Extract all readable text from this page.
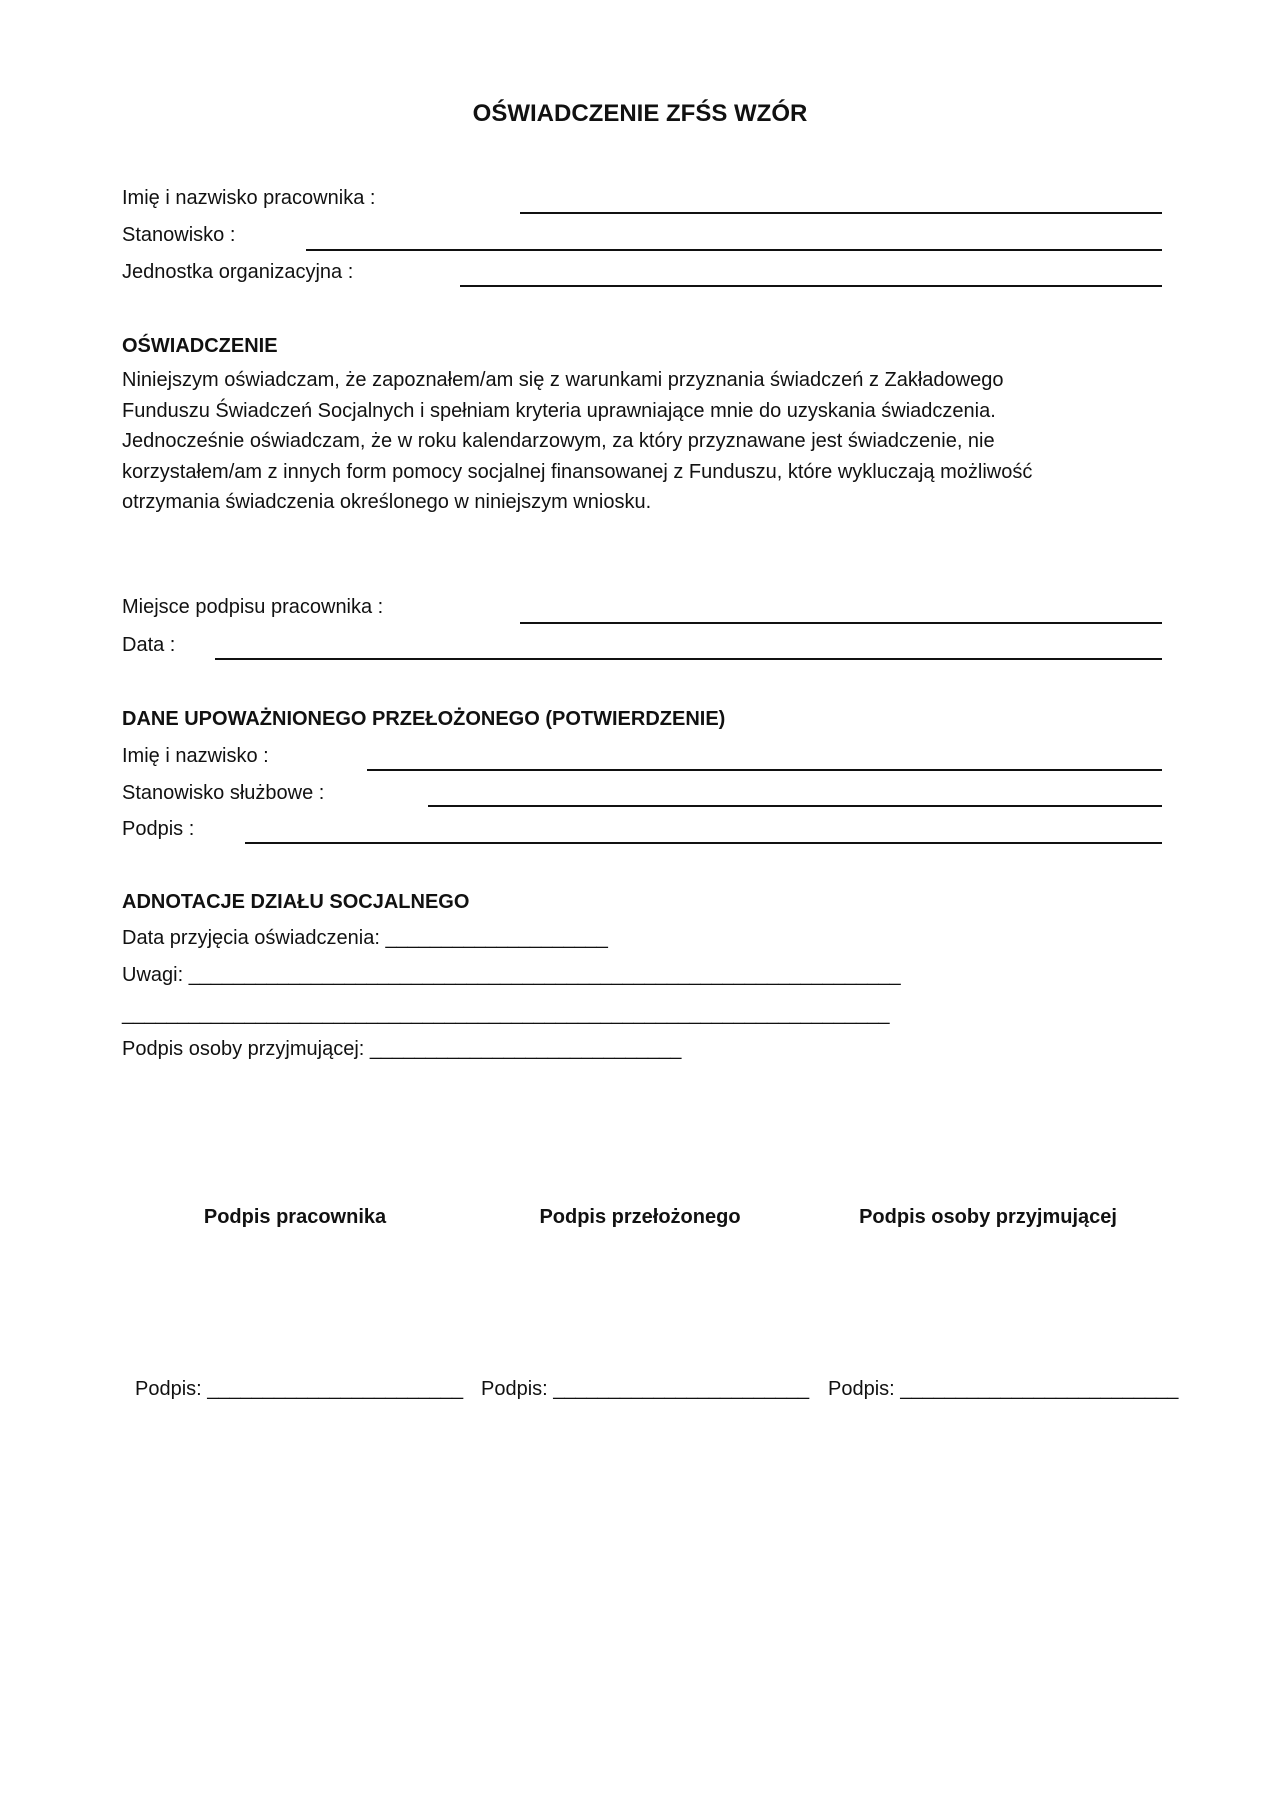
OŚWIADCZENIE ZFŚS WZÓR
Imię i nazwisko pracownika :
Stanowisko :
Jednostka organizacyjna :
OŚWIADCZENIE
Niniejszym oświadczam, że zapoznałem/am się z warunkami przyznania świadczeń z Zakładowego
Funduszu Świadczeń Socjalnych i spełniam kryteria uprawniające mnie do uzyskania świadczenia.
Jednocześnie oświadczam, że w roku kalendarzowym, za który przyznawane jest świadczenie, nie
korzystałem/am z innych form pomocy socjalnej finansowanej z Funduszu, które wykluczają możliwość
otrzymania świadczenia określonego w niniejszym wniosku.
Miejsce podpisu pracownika :
Data :
DANE UPOWAŻNIONEGO PRZEŁOŻONEGO (POTWIERDZENIE)
Imię i nazwisko :
Stanowisko służbowe :
Podpis :
ADNOTACJE DZIAŁU SOCJALNEGO
Data przyjęcia oświadczenia: ____________________
Uwagi: ________________________________________________________________
_____________________________________________________________________
Podpis osoby przyjmującej: ____________________________
Podpis pracownika	Podpis przełożonego	Podpis osoby przyjmującej
Podpis: _______________________ Podpis: _______________________ Podpis: _________________________
